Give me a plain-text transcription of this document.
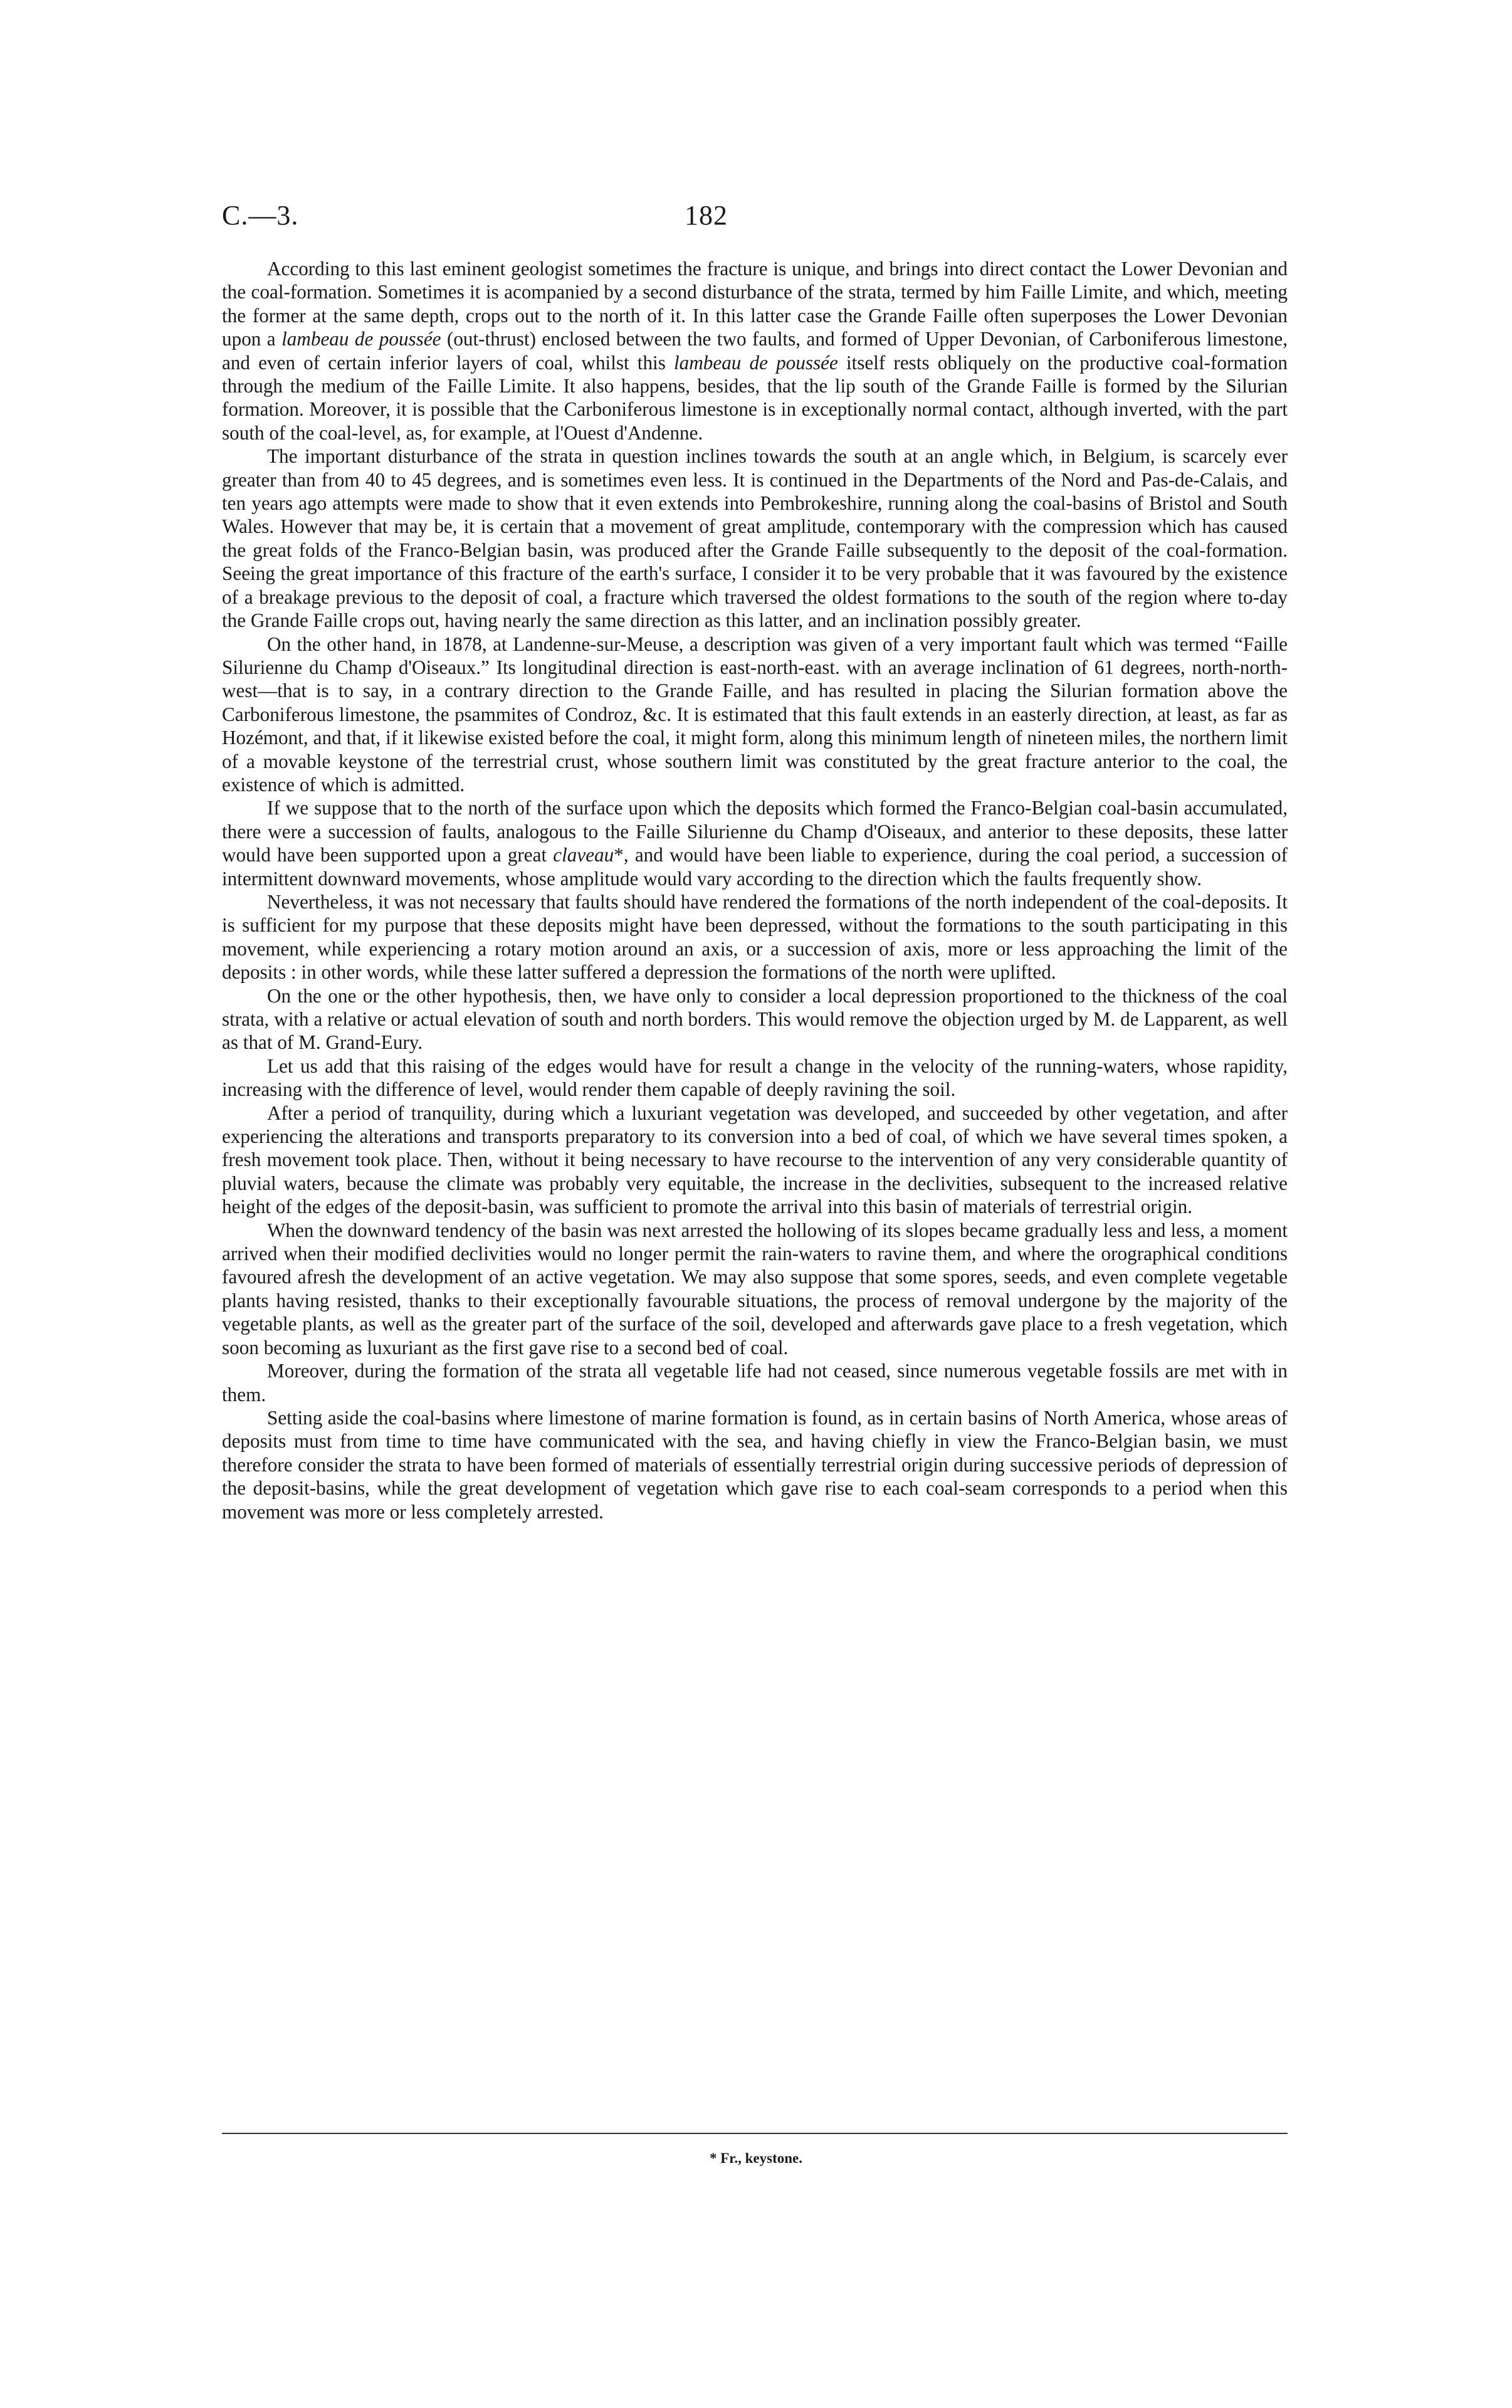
C.—3.	182

According to this last eminent geologist sometimes the fracture is unique, and brings into direct contact the Lower Devonian and the coal-formation. Sometimes it is acompanied by a second disturbance of the strata, termed by him Faille Limite, and which, meeting the former at the same depth, crops out to the north of it. In this latter case the Grande Faille often superposes the Lower Devonian upon a lambeau de poussée (out-thrust) enclosed between the two faults, and formed of Upper Devonian, of Carboniferous limestone, and even of certain inferior layers of coal, whilst this lambeau de poussée itself rests obliquely on the productive coal-formation through the medium of the Faille Limite. It also happens, besides, that the lip south of the Grande Faille is formed by the Silurian formation. Moreover, it is possible that the Carboniferous limestone is in exceptionally normal contact, although inverted, with the part south of the coal-level, as, for example, at l'Ouest d'Andenne.

The important disturbance of the strata in question inclines towards the south at an angle which, in Belgium, is scarcely ever greater than from 40 to 45 degrees, and is sometimes even less. It is continued in the Departments of the Nord and Pas-de-Calais, and ten years ago attempts were made to show that it even extends into Pembrokeshire, running along the coal-basins of Bristol and South Wales. However that may be, it is certain that a movement of great amplitude, contemporary with the compression which has caused the great folds of the Franco-Belgian basin, was produced after the Grande Faille subsequently to the deposit of the coal-formation. Seeing the great importance of this fracture of the earth's surface, I consider it to be very probable that it was favoured by the existence of a breakage previous to the deposit of coal, a fracture which traversed the oldest formations to the south of the region where to-day the Grande Faille crops out, having nearly the same direction as this latter, and an inclination possibly greater.

On the other hand, in 1878, at Landenne-sur-Meuse, a description was given of a very important fault which was termed “Faille Silurienne du Champ d'Oiseaux.” Its longitudinal direction is east-north-east. with an average inclination of 61 degrees, north-north-west—that is to say, in a contrary direction to the Grande Faille, and has resulted in placing the Silurian formation above the Carboniferous limestone, the psammites of Condroz, &c. It is estimated that this fault extends in an easterly direction, at least, as far as Hozémont, and that, if it likewise existed before the coal, it might form, along this minimum length of nineteen miles, the northern limit of a movable keystone of the terrestrial crust, whose southern limit was constituted by the great fracture anterior to the coal, the existence of which is admitted.

If we suppose that to the north of the surface upon which the deposits which formed the Franco-Belgian coal-basin accumulated, there were a succession of faults, analogous to the Faille Silurienne du Champ d'Oiseaux, and anterior to these deposits, these latter would have been supported upon a great claveau*, and would have been liable to experience, during the coal period, a succession of intermittent downward movements, whose amplitude would vary according to the direction which the faults frequently show.

Nevertheless, it was not necessary that faults should have rendered the formations of the north independent of the coal-deposits. It is sufficient for my purpose that these deposits might have been depressed, without the formations to the south participating in this movement, while experiencing a rotary motion around an axis, or a succession of axis, more or less approaching the limit of the deposits : in other words, while these latter suffered a depression the formations of the north were uplifted.

On the one or the other hypothesis, then, we have only to consider a local depression proportioned to the thickness of the coal strata, with a relative or actual elevation of south and north borders. This would remove the objection urged by M. de Lapparent, as well as that of M. Grand-Eury.

Let us add that this raising of the edges would have for result a change in the velocity of the running-waters, whose rapidity, increasing with the difference of level, would render them capable of deeply ravining the soil.

After a period of tranquility, during which a luxuriant vegetation was developed, and succeeded by other vegetation, and after experiencing the alterations and transports preparatory to its conversion into a bed of coal, of which we have several times spoken, a fresh movement took place. Then, without it being necessary to have recourse to the intervention of any very considerable quantity of pluvial waters, because the climate was probably very equitable, the increase in the declivities, subsequent to the increased relative height of the edges of the deposit-basin, was sufficient to promote the arrival into this basin of materials of terrestrial origin.

When the downward tendency of the basin was next arrested the hollowing of its slopes became gradually less and less, a moment arrived when their modified declivities would no longer permit the rain-waters to ravine them, and where the orographical conditions favoured afresh the development of an active vegetation. We may also suppose that some spores, seeds, and even complete vegetable plants having resisted, thanks to their exceptionally favourable situations, the process of removal undergone by the majority of the vegetable plants, as well as the greater part of the surface of the soil, developed and afterwards gave place to a fresh vegetation, which soon becoming as luxuriant as the first gave rise to a second bed of coal.

Moreover, during the formation of the strata all vegetable life had not ceased, since numerous vegetable fossils are met with in them.

Setting aside the coal-basins where limestone of marine formation is found, as in certain basins of North America, whose areas of deposits must from time to time have communicated with the sea, and having chiefly in view the Franco-Belgian basin, we must therefore consider the strata to have been formed of materials of essentially terrestrial origin during successive periods of depression of the deposit-basins, while the great development of vegetation which gave rise to each coal-seam corresponds to a period when this movement was more or less completely arrested.

* Fr., keystone.
